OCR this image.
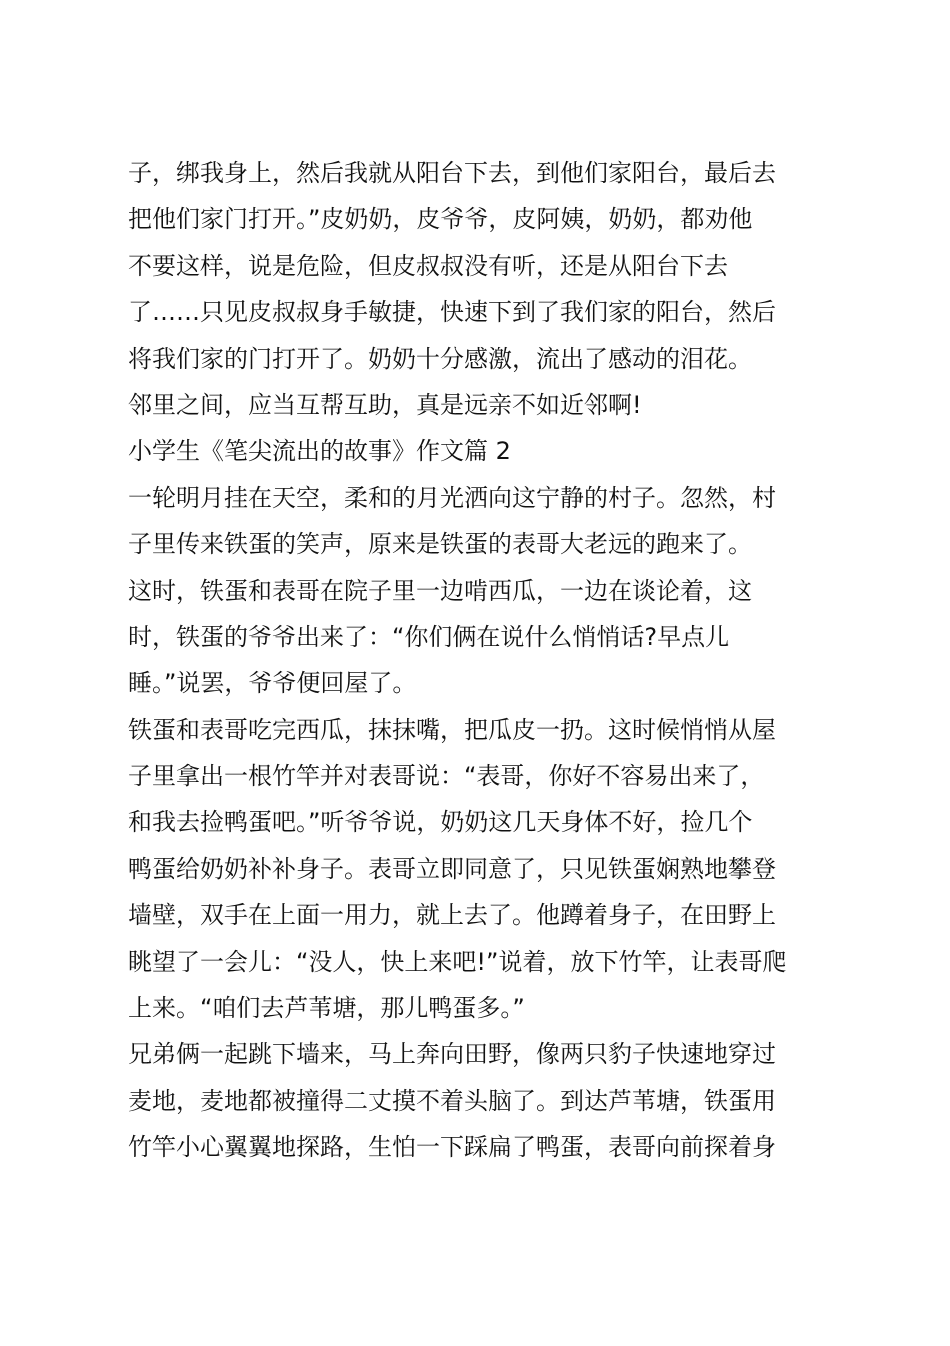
子，绑我身上，然后我就从阳台下去，到他们家阳台，最后去
把他们家门打开。”皮奶奶，皮爷爷，皮阿姨，奶奶，都劝他
不要这样，说是危险，但皮叔叔没有听，还是从阳台下去
了……只见皮叔叔身手敏捷，快速下到了我们家的阳台，然后
将我们家的门打开了。奶奶十分感激，流出了感动的泪花。
邻里之间，应当互帮互助，真是远亲不如近邻啊!
小学生《笔尖流出的故事》作文篇 2
一轮明月挂在天空，柔和的月光洒向这宁静的村子。忽然，村
子里传来铁蛋的笑声，原来是铁蛋的表哥大老远的跑来了。
这时，铁蛋和表哥在院子里一边啃西瓜，一边在谈论着，这
时，铁蛋的爷爷出来了：“你们俩在说什么悄悄话?早点儿
睡。”说罢，爷爷便回屋了。
铁蛋和表哥吃完西瓜，抹抹嘴，把瓜皮一扔。这时候悄悄从屋
子里拿出一根竹竿并对表哥说：“表哥，你好不容易出来了，
和我去捡鸭蛋吧。”听爷爷说，奶奶这几天身体不好，捡几个
鸭蛋给奶奶补补身子。表哥立即同意了，只见铁蛋娴熟地攀登
墙壁，双手在上面一用力，就上去了。他蹲着身子，在田野上
眺望了一会儿：“没人，快上来吧!”说着，放下竹竿，让表哥爬
上来。“咱们去芦苇塘，那儿鸭蛋多。”
兄弟俩一起跳下墙来，马上奔向田野，像两只豹子快速地穿过
麦地，麦地都被撞得二丈摸不着头脑了。到达芦苇塘，铁蛋用
竹竿小心翼翼地探路，生怕一下踩扁了鸭蛋，表哥向前探着身
